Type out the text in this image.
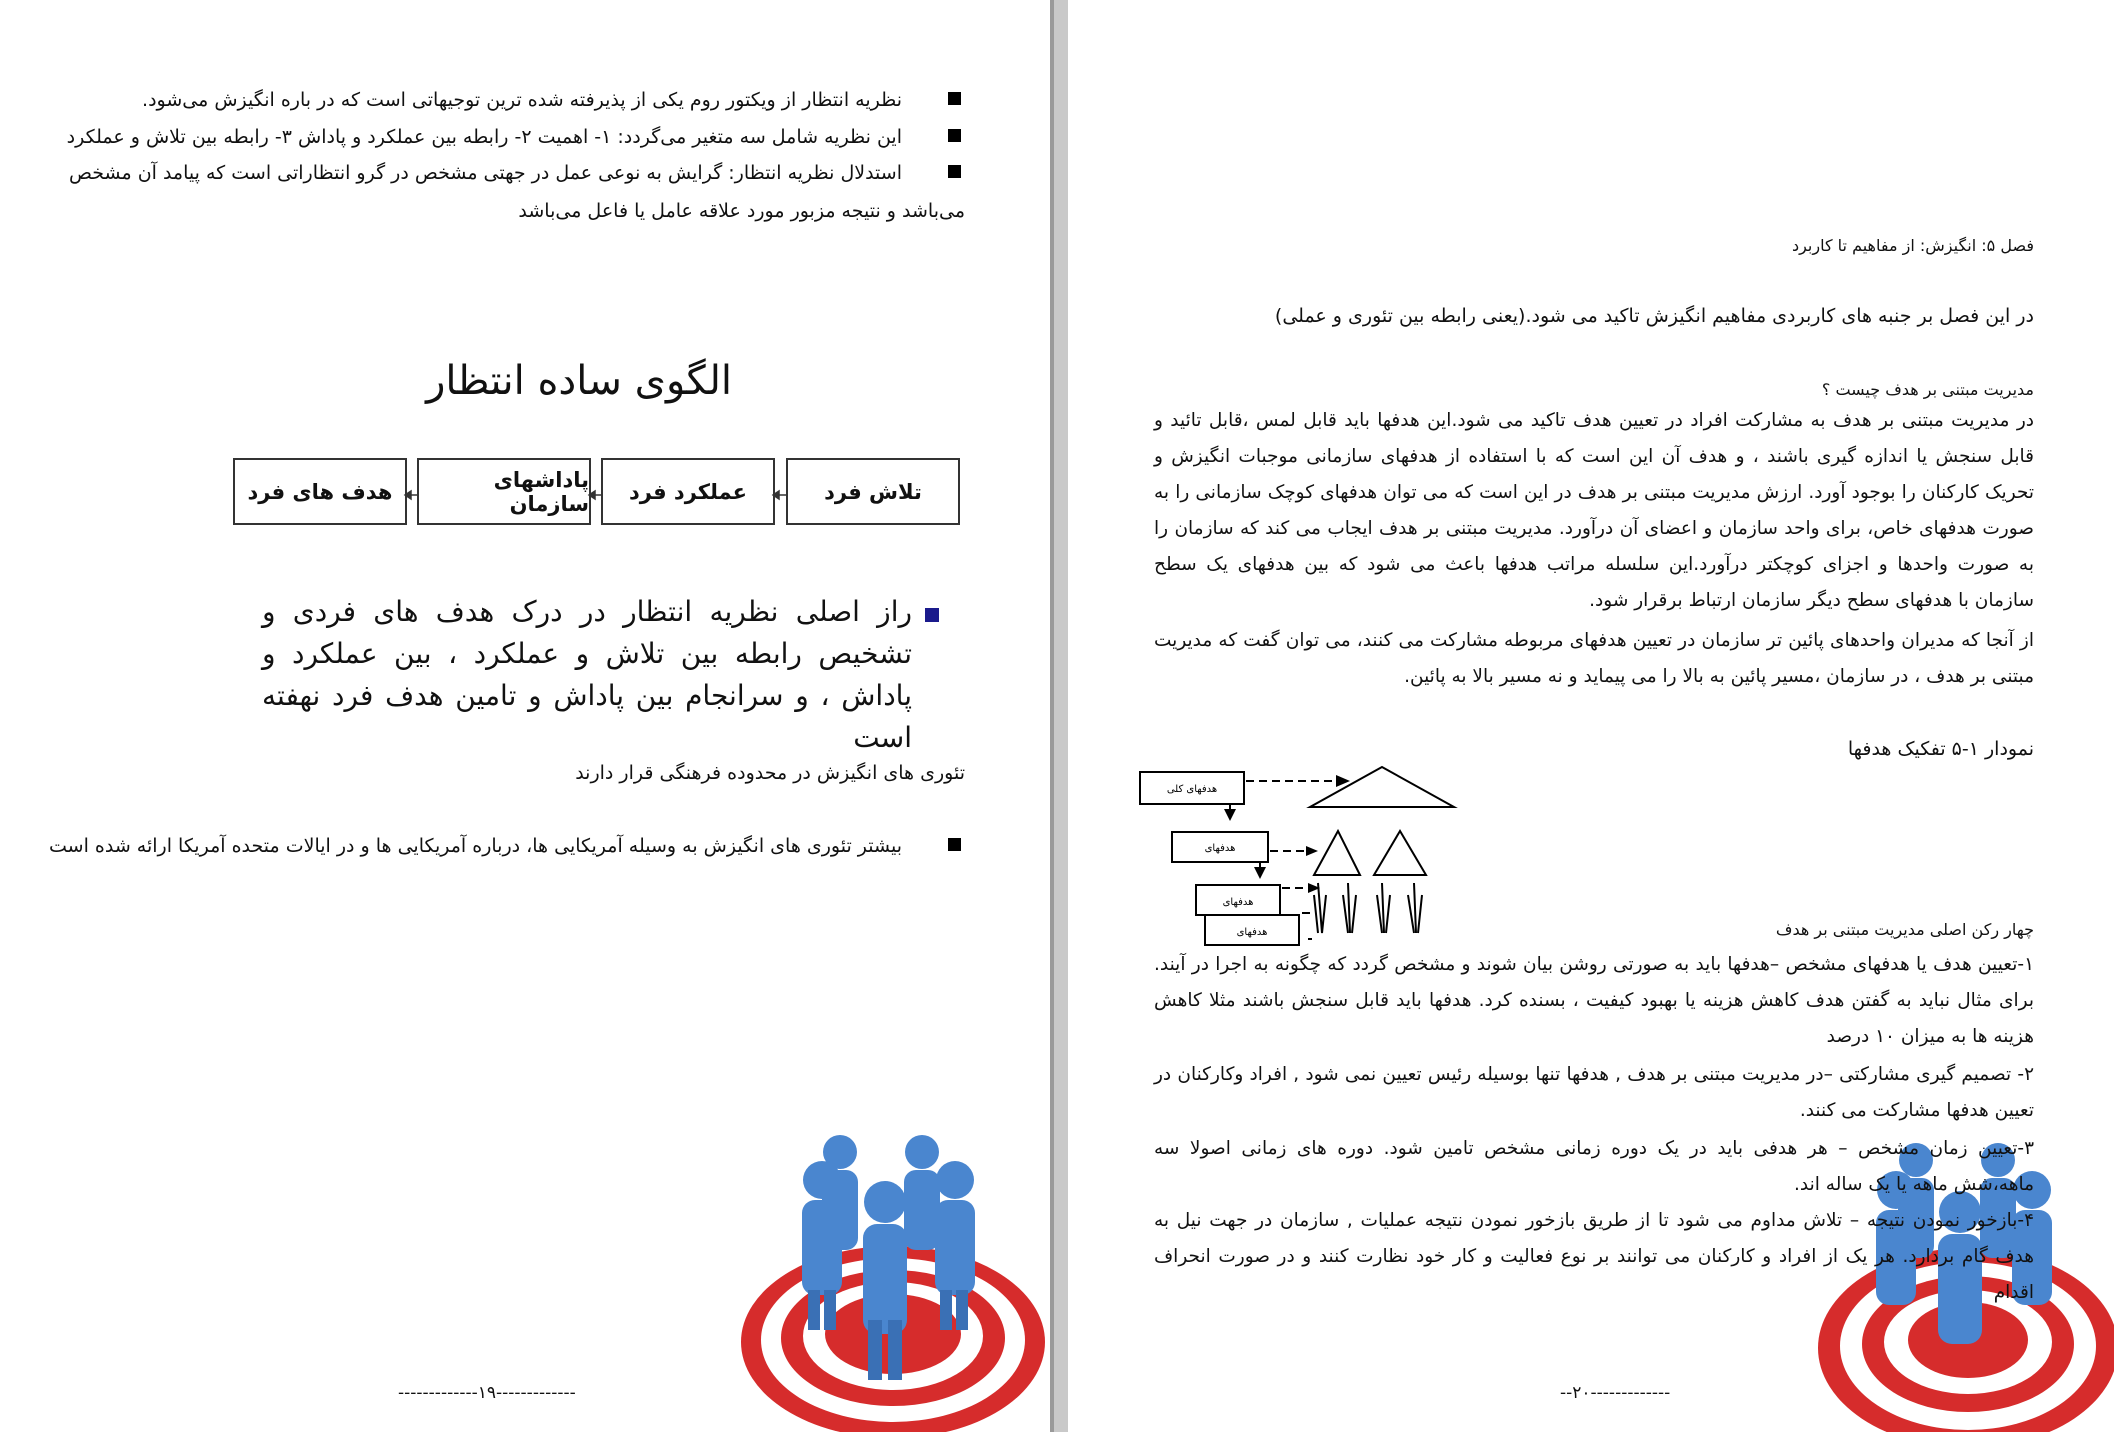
نظریه انتظار از ویکتور روم یکی از پذیرفته شده ترین توجیهاتی است که در باره انگیزش می‌شود.
این نظریه شامل سه متغیر می‌گردد: ۱- اهمیت ۲- رابطه بین عملکرد و پاداش ۳- رابطه بین تلاش و عملکرد
استدلال نظریه انتظار: گرایش به نوعی عمل در جهتی مشخص در گرو انتظاراتی است که پیامد آن مشخص
می‌باشد و نتیجه مزبور مورد علاقه عامل یا فاعل می‌باشد
الگوی ساده انتظار
تلاش فرد
عملکرد فرد
پاداشهای سازمان
هدف های فرد
راز اصلی نظریه انتظار در درک هدف های فردی و تشخیص رابطه بین تلاش و عملکرد ، بین عملکرد و پاداش ، و سرانجام بین پاداش و تامین هدف فرد نهفته است
تئوری های انگیزش در محدوده فرهنگی قرار دارند
بیشتر تئوری های انگیزش به وسیله آمریکایی ها، درباره آمریکایی ها و در ایالات متحده آمریکا ارائه شده است
-------------۱۹-------------
فصل ۵: انگیزش: از مفاهیم تا کاربرد
در این فصل بر جنبه های کاربردی مفاهیم انگیزش تاکید می شود.(یعنی رابطه بین تئوری و عملی)
مدیریت مبتنی بر هدف چیست ؟
در مدیریت مبتنی بر هدف به مشارکت افراد در تعیین هدف تاکید می شود.این هدفها باید قابل لمس ،قابل تائید و قابل سنجش یا اندازه گیری باشند ، و هدف آن این است که با استفاده از هدفهای سازمانی موجبات انگیزش و تحریک کارکنان را بوجود آورد. ارزش مدیریت مبتنی بر هدف در این است که می توان هدفهای کوچک سازمانی را به صورت هدفهای خاص، برای واحد سازمان و اعضای آن درآورد. مدیریت مبتنی بر هدف ایجاب می کند که سازمان را به صورت واحدها و اجزای کوچکتر درآورد.این سلسله مراتب هدفها باعث می شود که بین هدفهای یک سطح سازمان با هدفهای سطح دیگر سازمان ارتباط برقرار شود.
از آنجا که مدیران واحدهای پائین تر سازمان در تعیین هدفهای مربوطه مشارکت می کنند، می توان گفت که مدیریت مبتنی بر هدف ، در سازمان ،مسیر پائین به بالا را می پیماید و نه مسیر بالا به پائین.
نمودار ۱-۵ تفکیک هدفها
هدفهای کلی
هدفهای
هدفهای
هدفهای	چهار رکن اصلی مدیریت مبتنی بر هدف
۱-تعیین هدف یا هدفهای مشخص –هدفها باید به صورتی روشن بیان شوند و مشخص گردد که چگونه به اجرا در آیند. برای مثال نباید به گفتن هدف کاهش هزینه یا بهبود کیفیت ، بسنده کرد. هدفها باید قابل سنجش باشند مثلا کاهش هزینه ها به میزان ۱۰ درصد
۲- تصمیم گیری مشارکتی –در مدیریت مبتنی بر هدف , هدفها تنها بوسیله رئیس تعیین نمی شود , افراد وکارکنان در تعیین هدفها مشارکت می کنند.
۳-تعیین زمان مشخص – هر هدفی باید در یک دوره زمانی مشخص تامین شود. دوره های زمانی اصولا سه ماهه،شش ماهه یا یک ساله اند.
۴-بازخور نمودن نتیجه – تلاش مداوم می شود تا از طریق بازخور نمودن نتیجه عملیات , سازمان در جهت نیل به هدف گام بردارد. هر یک از افراد و کارکنان می توانند بر نوع فعالیت و کار خود نظارت کنند و در صورت انحراف اقدام
--۲۰-------------
